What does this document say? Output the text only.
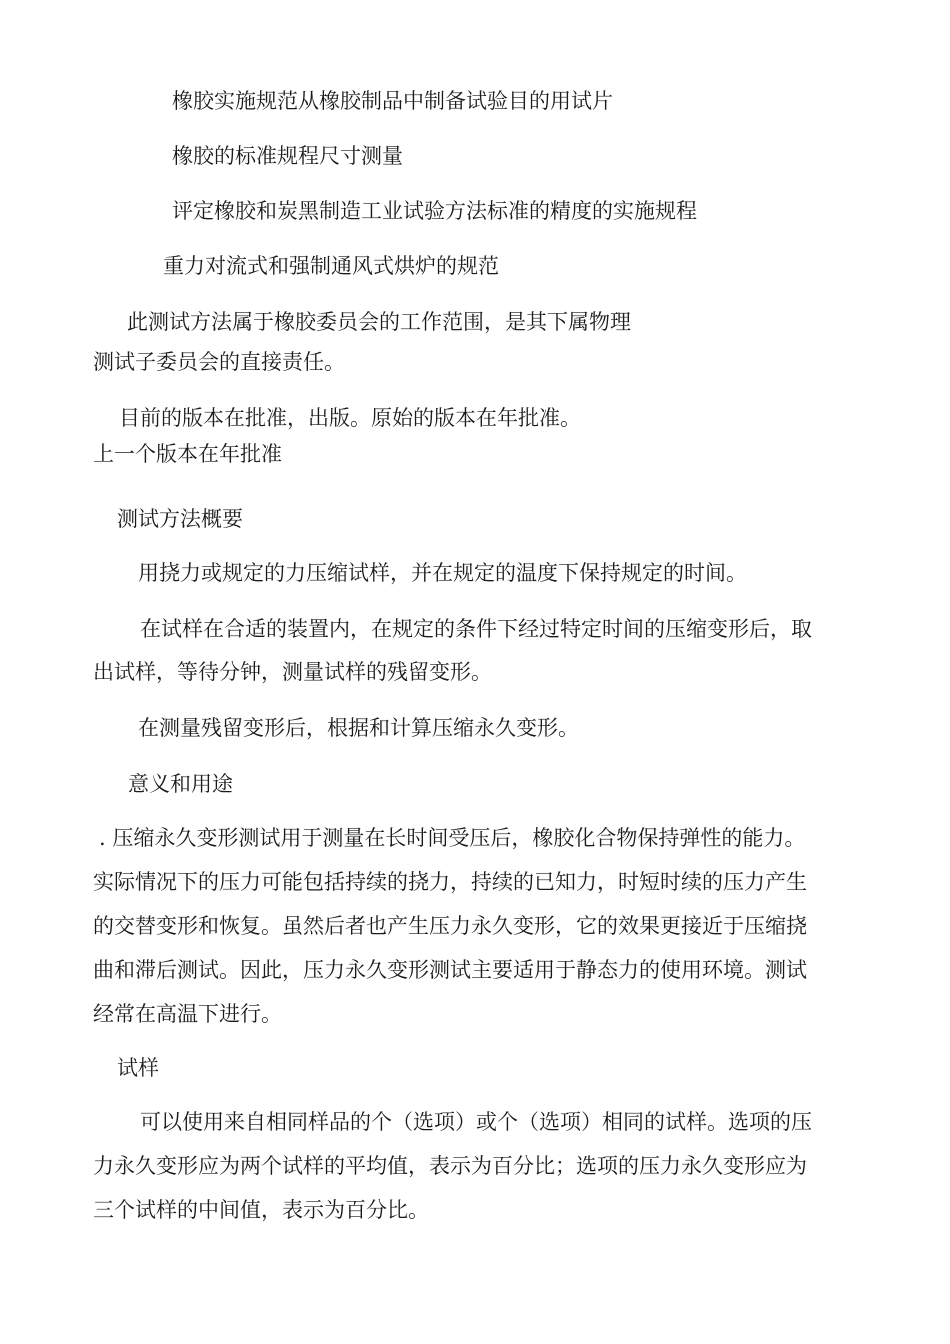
橡胶实施规范从橡胶制品中制备试验目的用试片

橡胶的标准规程尺寸测量

评定橡胶和炭黑制造工业试验方法标准的精度的实施规程

重力对流式和强制通风式烘炉的规范

此测试方法属于橡胶委员会的工作范围，是其下属物理
测试子委员会的直接责任。
目前的版本在批准，出版。原始的版本在年批准。
上一个版本在年批准

测试方法概要

用挠力或规定的力压缩试样，并在规定的温度下保持规定的时间。

在试样在合适的装置内，在规定的条件下经过特定时间的压缩变形后，取
出试样，等待分钟，测量试样的残留变形。

在测量残留变形后，根据和计算压缩永久变形。

意义和用途

. 压缩永久变形测试用于测量在长时间受压后，橡胶化合物保持弹性的能力。
实际情况下的压力可能包括持续的挠力，持续的已知力，时短时续的压力产生
的交替变形和恢复。虽然后者也产生压力永久变形，它的效果更接近于压缩挠
曲和滞后测试。因此，压力永久变形测试主要适用于静态力的使用环境。测试
经常在高温下进行。

试样

可以使用来自相同样品的个（选项）或个（选项）相同的试样。选项的压
力永久变形应为两个试样的平均值，表示为百分比；选项的压力永久变形应为
三个试样的中间值，表示为百分比。
